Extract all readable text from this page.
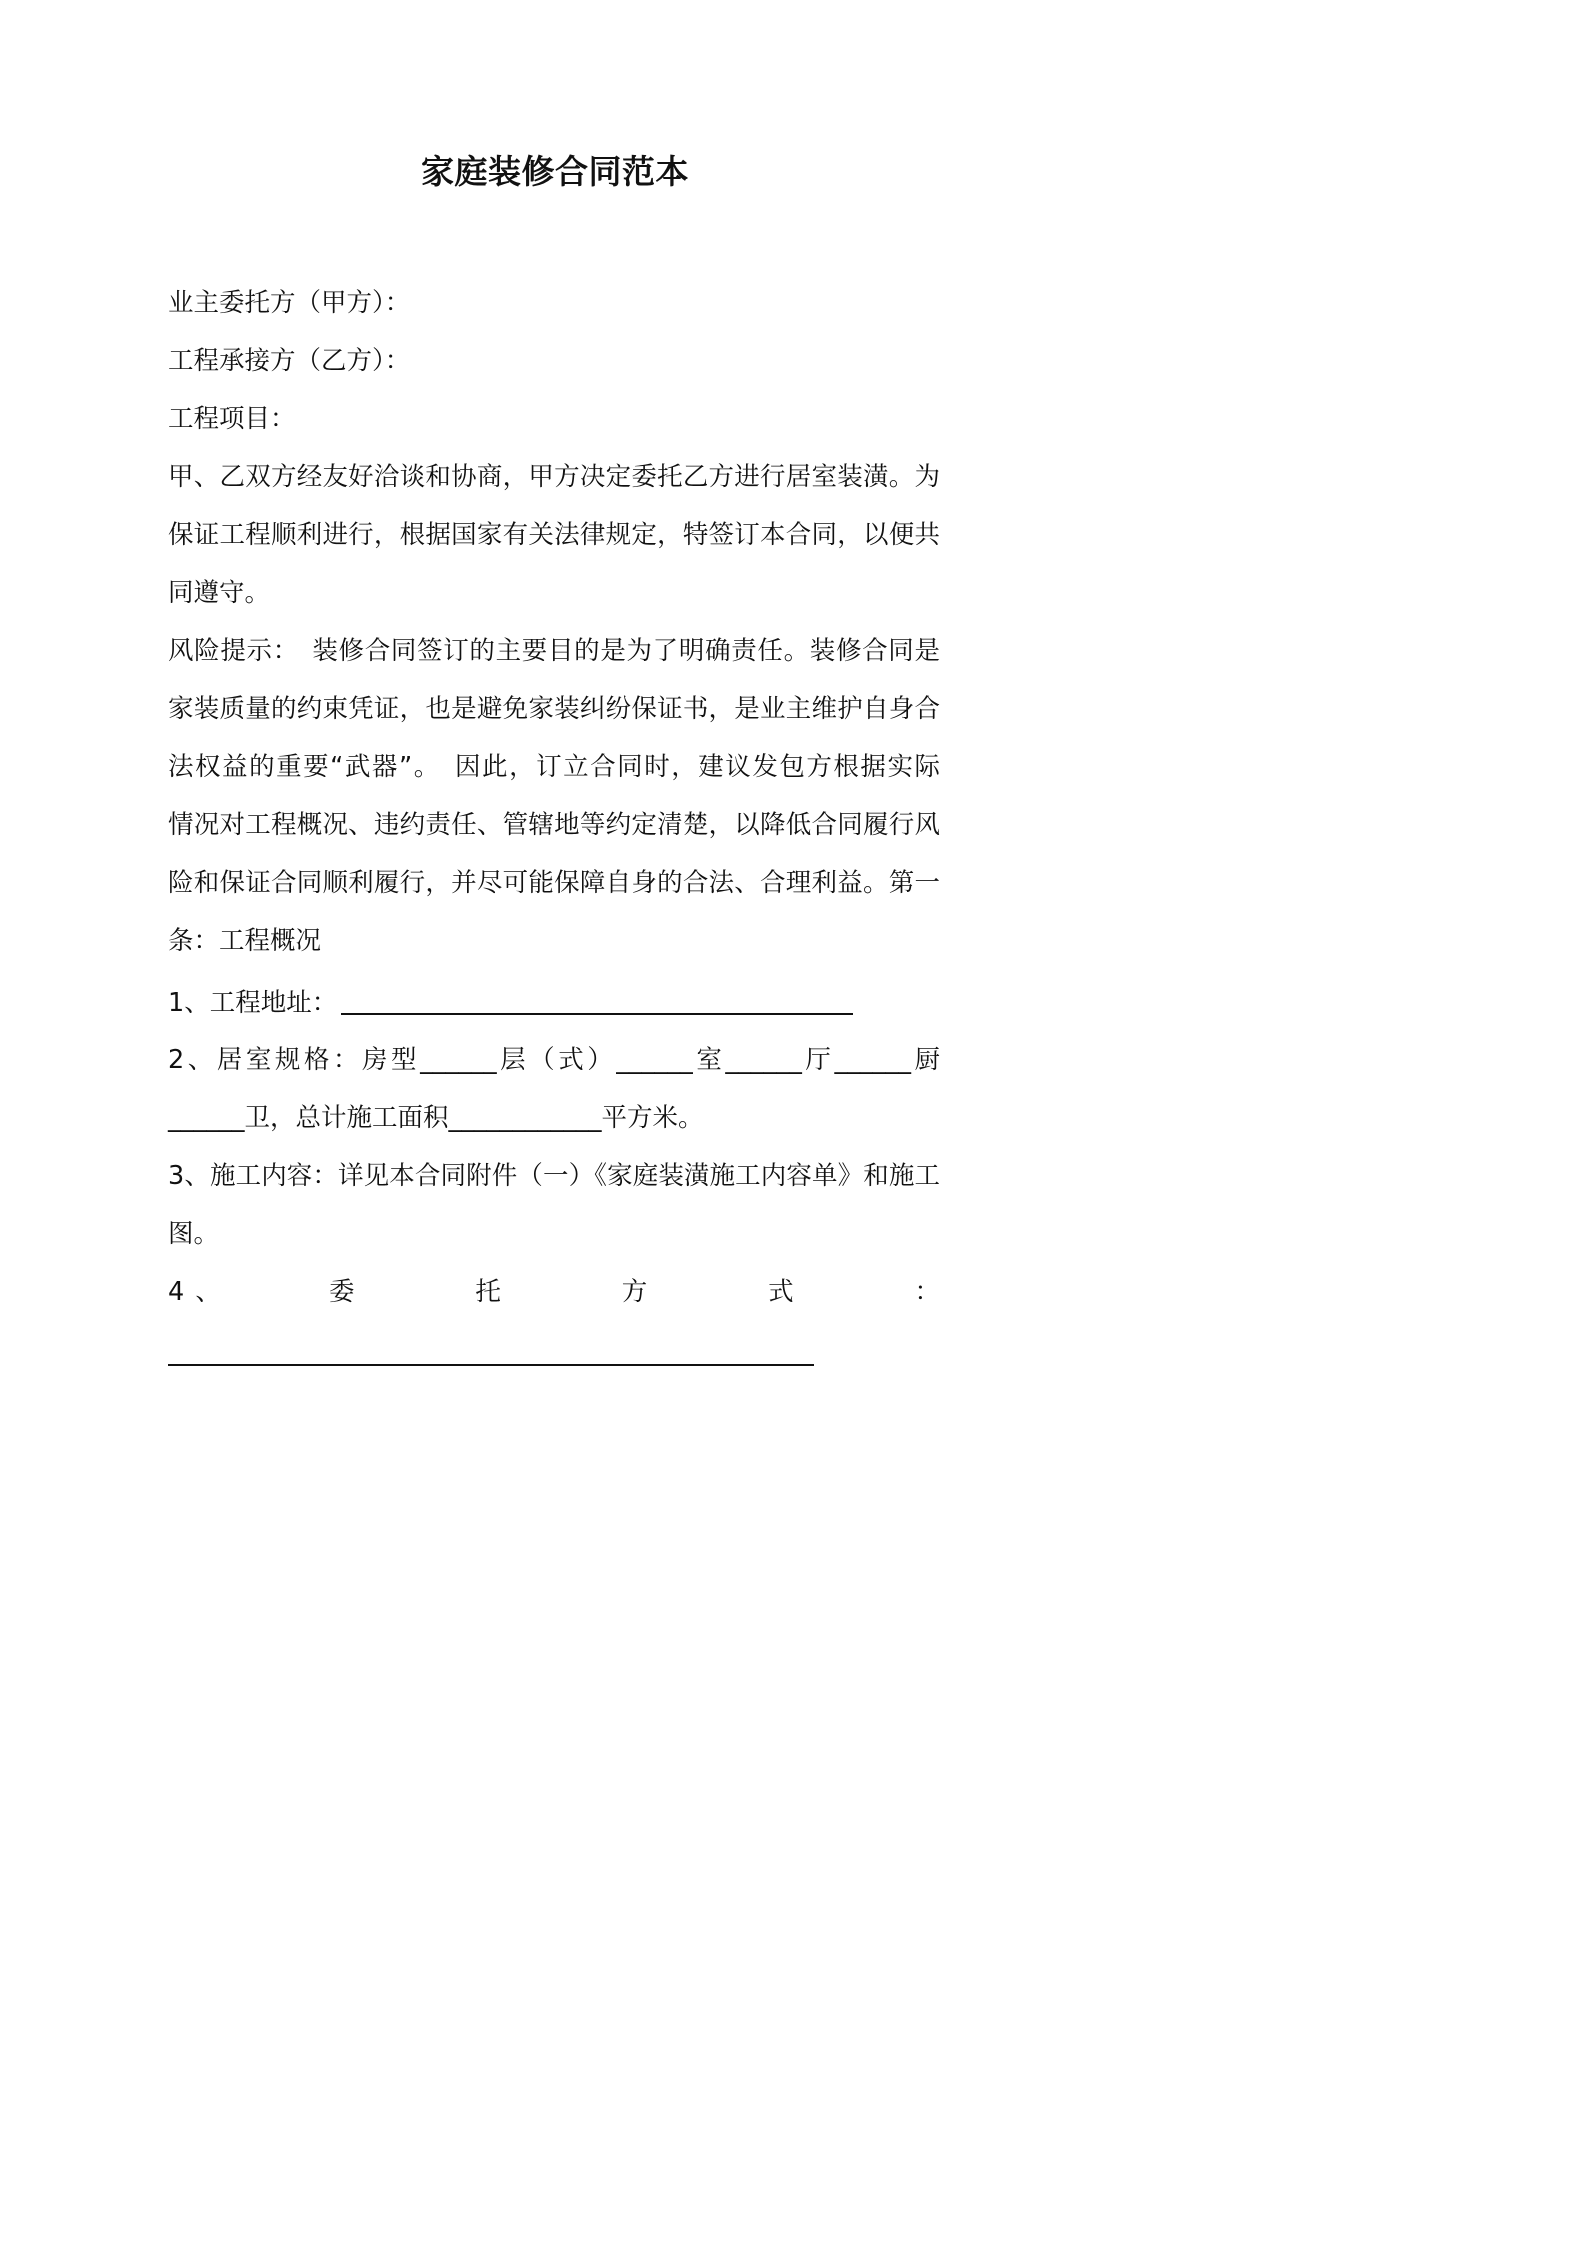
家庭装修合同范本
业主委托方（甲方）：
工程承接方（乙方）：
工程项目：
甲、乙双方经友好洽谈和协商，甲方决定委托乙方进行居室装潢。为
保证工程顺利进行，根据国家有关法律规定，特签订本合同，以便共
同遵守。
风险提示：　装修合同签订的主要目的是为了明确责任。装修合同是
家装质量的约束凭证，也是避免家装纠纷保证书，是业主维护自身合
法权益的重要“武器”。　因此，订立合同时，建议发包方根据实际
情况对工程概况、违约责任、管辖地等约定清楚，以降低合同履行风
险和保证合同顺利履行，并尽可能保障自身的合法、合理利益。第一
条：工程概况
1、工程地址：
2、居室规格：房型______层（式）______室______厅______厨
______卫，总计施工面积____________平方米。
3、施工内容：详见本合同附件（一）《家庭装潢施工内容单》和施工
图。
4、　　　委　　　托　　　方　　　式　　　：
